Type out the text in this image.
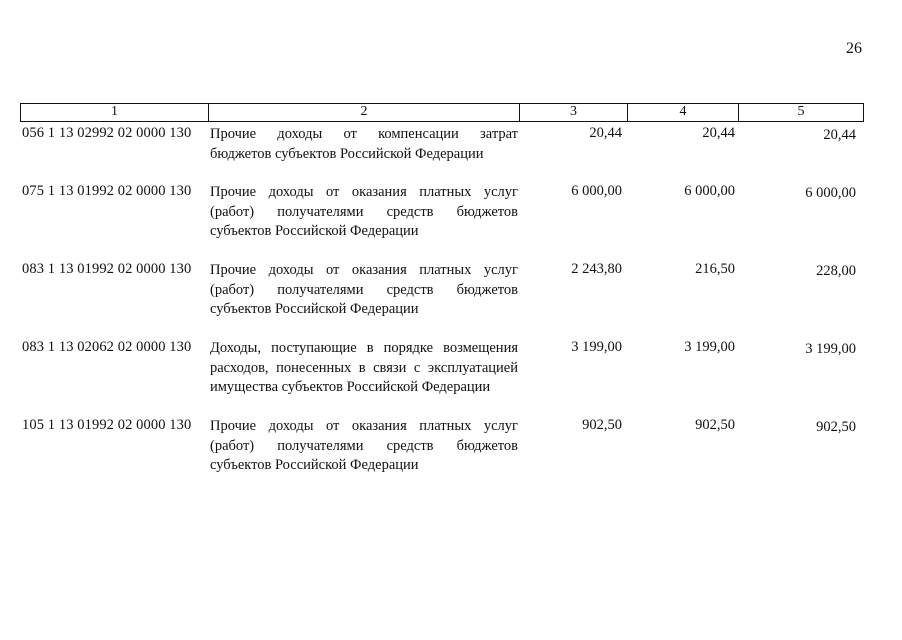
26
1	2	3	4	5
056 1 13 02992 02 0000 130 Прочие доходы от компенсации затрат
бюджетов субъектов Российской Федерации
20,44	20,44	20,44
075 1 13 01992 02 0000 130 Прочие доходы от оказания платных услуг
(работ) получателями средств бюджетов
субъектов Российской Федерации
6 000,00	6 000,00	6 000,00
083 1 13 01992 02 0000 130 Прочие доходы от оказания платных услуг
(работ) получателями средств бюджетов
субъектов Российской Федерации
2 243,80	216,50	228,00
083 1 13 02062 02 0000 130 Доходы, поступающие в порядке возмещения
расходов, понесенных в связи с эксплуатацией
имущества субъектов Российской Федерации
3 199,00	3 199,00	3 199,00
105 1 13 01992 02 0000 130 Прочие доходы от оказания платных услуг
(работ) получателями средств бюджетов
субъектов Российской Федерации
902,50	902,50	902,50
